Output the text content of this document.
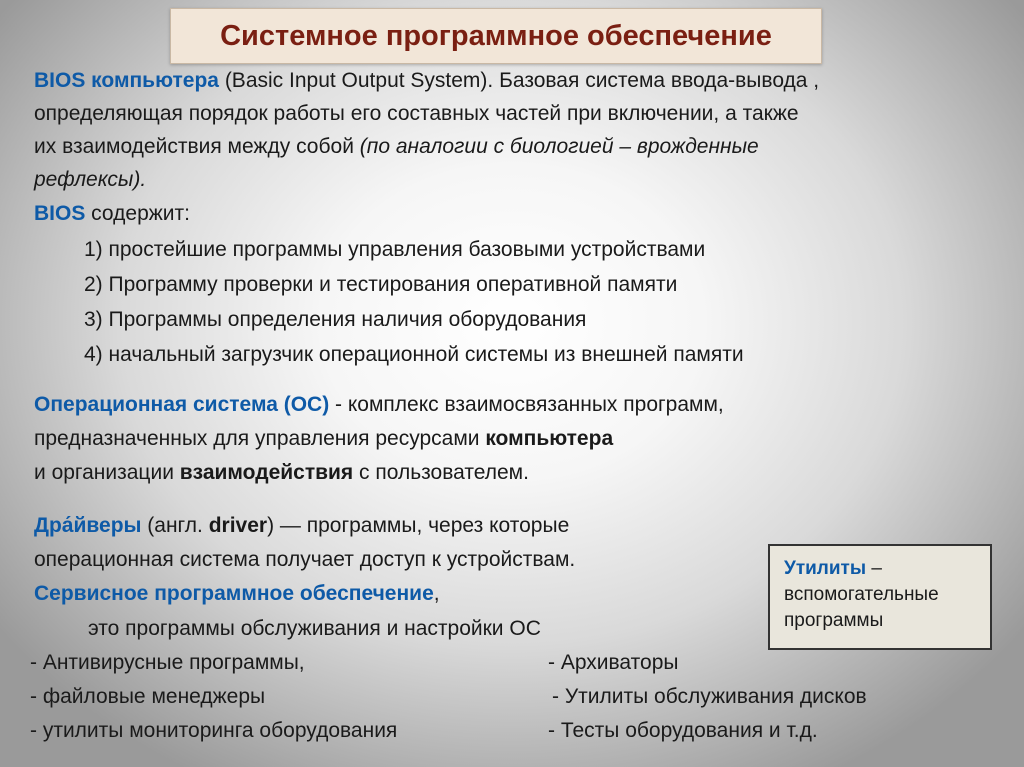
Системное программное обеспечение
BIOS компьютера (Basic Input Output System). Базовая система ввода-вывода ,
определяющая порядок работы его составных частей при включении, а также
их взаимодействия между собой (по аналогии с биологией – врожденные
рефлексы).
BIOS содержит:
1) простейшие программы управления базовыми устройствами
2) Программу проверки и тестирования оперативной памяти
3) Программы определения наличия оборудования
4) начальный загрузчик операционной системы из внешней памяти
Операционная система (ОС) - комплекс взаимосвязанных программ,
предназначенных для управления ресурсами компьютера
и организации взаимодействия с пользователем.
Дра́йверы (англ. driver) — программы, через которые
операционная система получает доступ к устройствам.
Сервисное программное обеспечение,
это программы обслуживания и настройки ОС
- Антивирусные программы,
- файловые менеджеры
- утилиты мониторинга оборудования
- Архиваторы
- Утилиты обслуживания дисков
- Тесты оборудования и т.д.
Утилиты –
вспомогательные
программы
